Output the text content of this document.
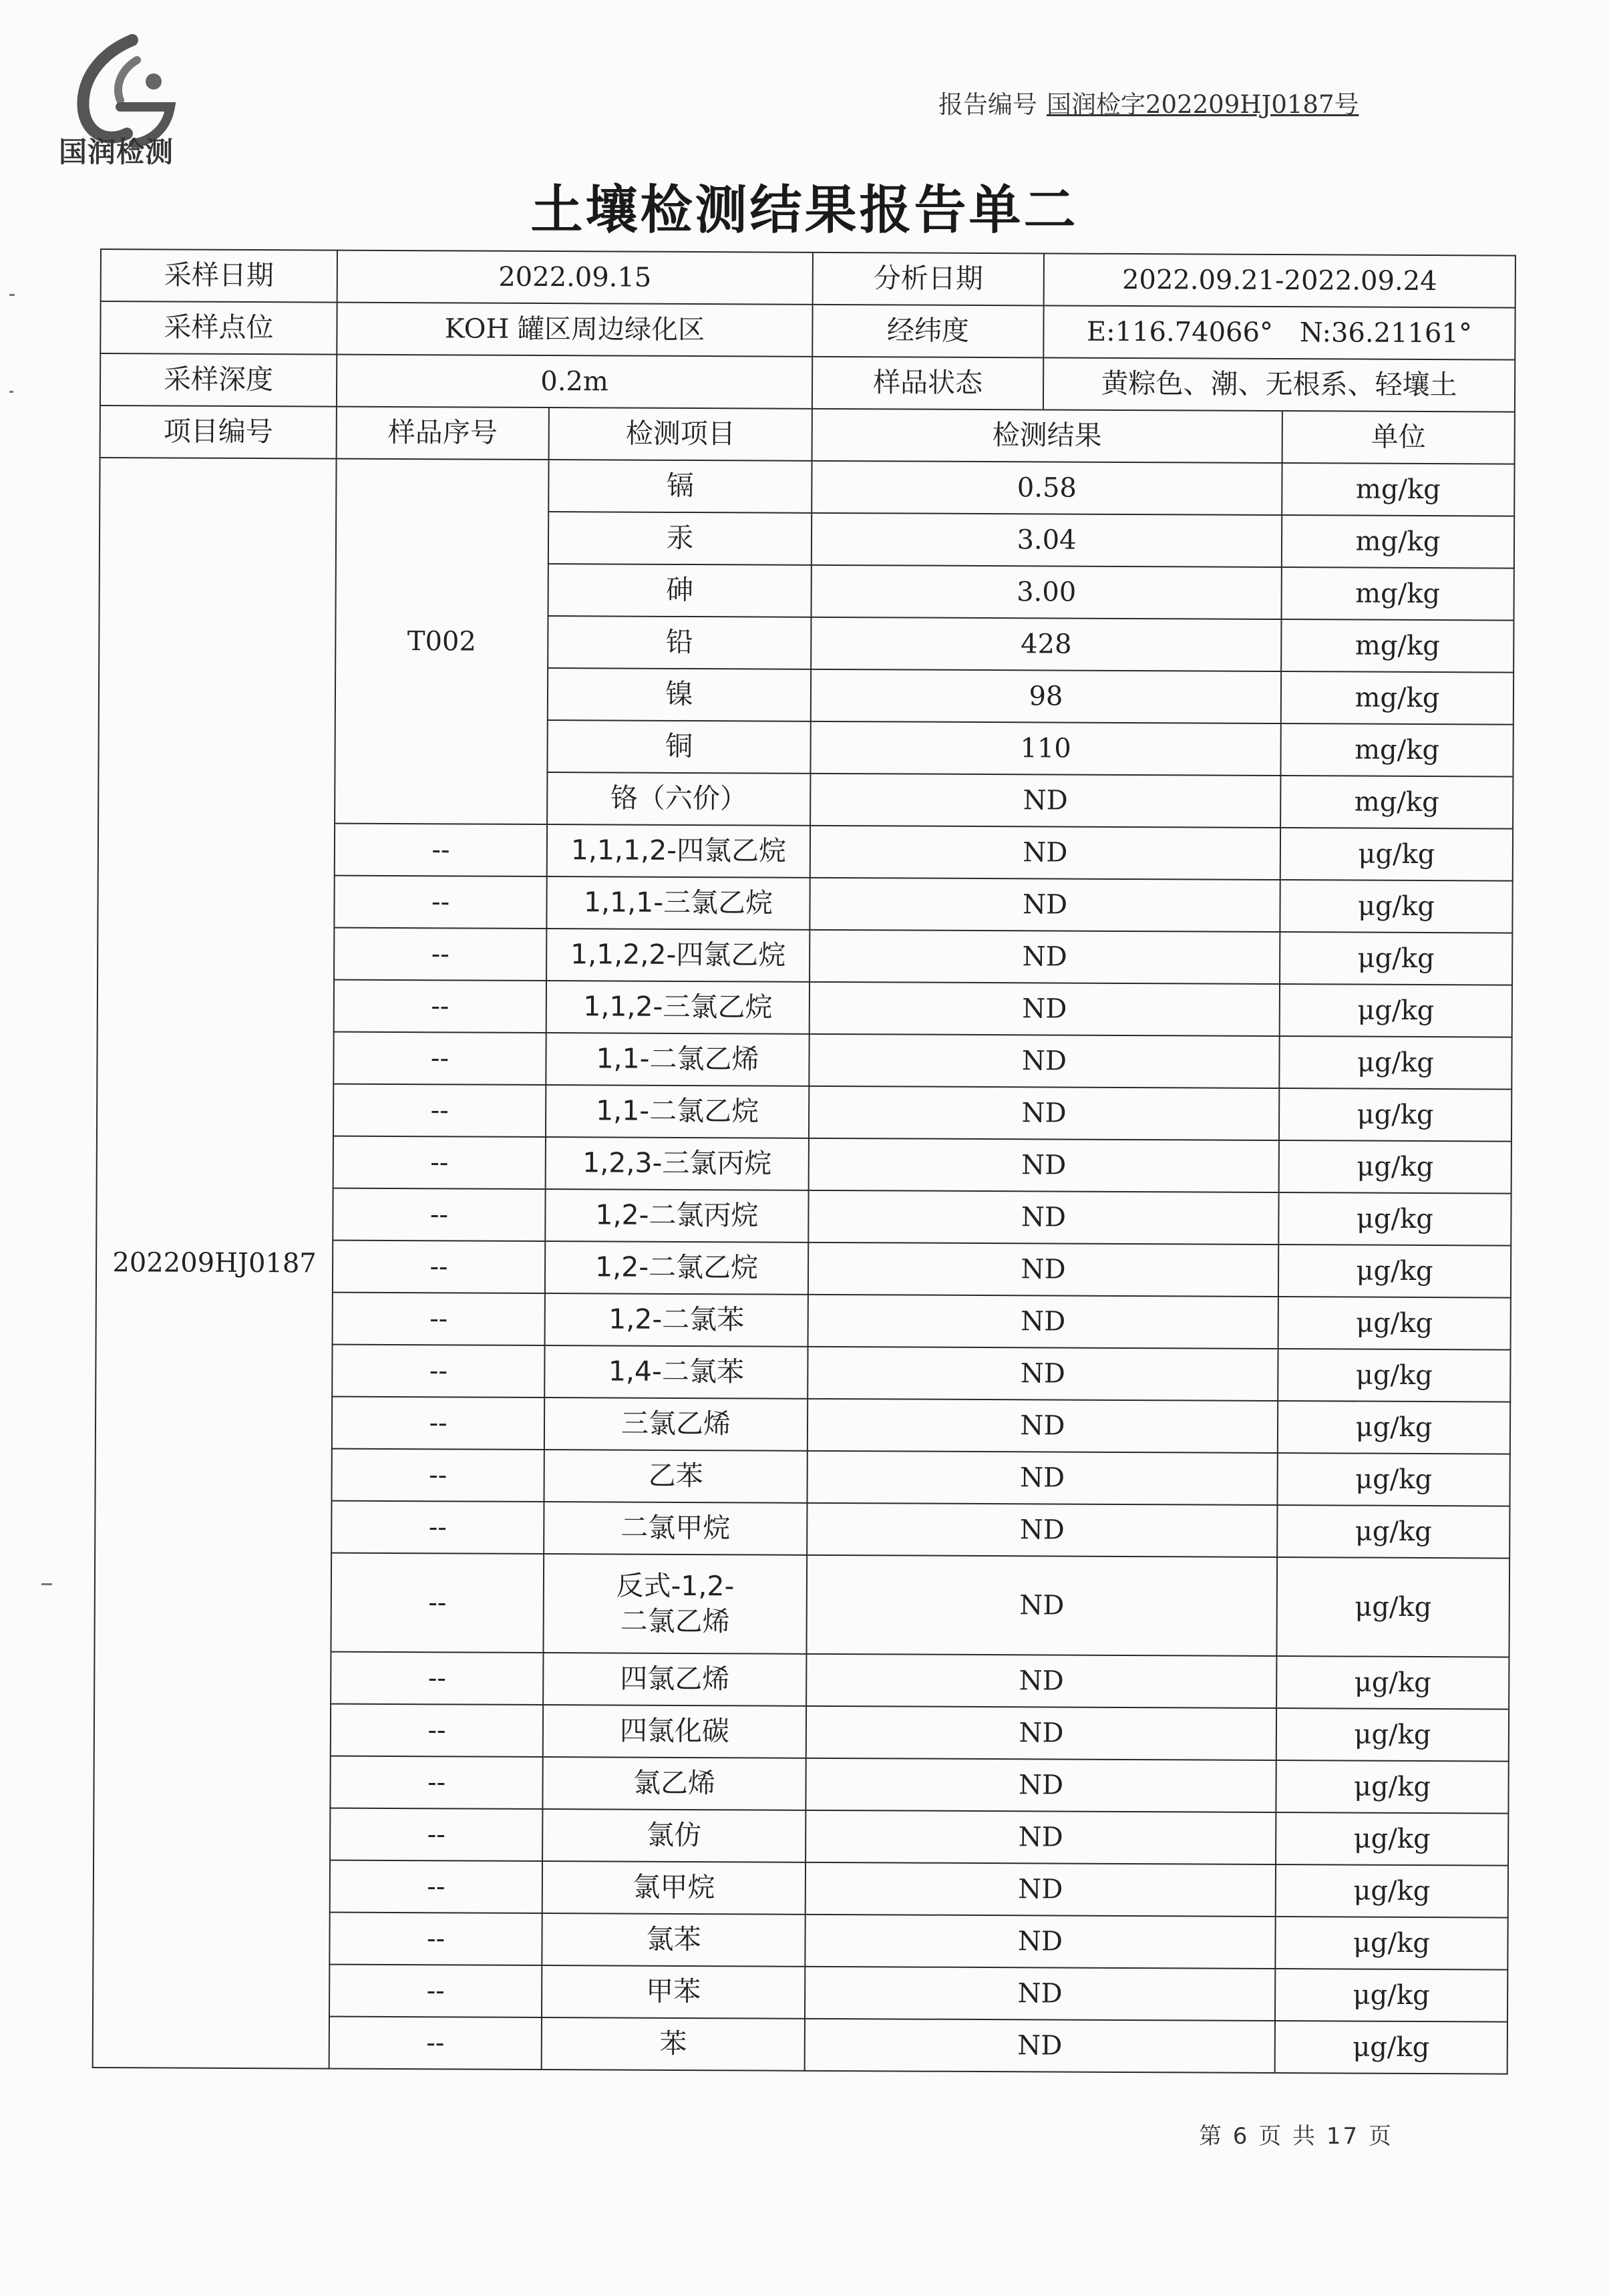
国润检测
报告编号 国润检字202209HJ0187号
土壤检测结果报告单二
采样日期	2022.09.15		分析日期 2022.09.21-2022.09.24	

采样点位	KOH 罐区周边绿化区		经纬度 E:116.74066°　N:36.21161°	

采样深度	0.2m		样品状态 黄粽色、潮、无根系、轻壤土	

项目编号	样品序号	检测项目	检测结果	单位
202209HJ0187	T002	镉	0.58	mg/kg
		汞	3.04	mg/kg
		砷	3.00	mg/kg
		铅	428	mg/kg
		镍	98	mg/kg
		铜	110	mg/kg
		铬（六价）	ND	mg/kg
	--	1,1,1,2-四氯乙烷	ND	μg/kg
	--	1,1,1-三氯乙烷	ND	μg/kg
	--	1,1,2,2-四氯乙烷	ND	μg/kg
	--	1,1,2-三氯乙烷	ND	μg/kg
	--	1,1-二氯乙烯	ND	μg/kg
	--	1,1-二氯乙烷	ND	μg/kg
	--	1,2,3-三氯丙烷	ND	μg/kg
	--	1,2-二氯丙烷	ND	μg/kg
	--	1,2-二氯乙烷	ND	μg/kg
	--	1,2-二氯苯	ND	μg/kg
	--	1,4-二氯苯	ND	μg/kg
	--	三氯乙烯	ND	μg/kg
	--	乙苯	ND	μg/kg
	--	二氯甲烷	ND	μg/kg
	--	反式-1,2-
二氯乙烯	ND	μg/kg
	--	四氯乙烯	ND	μg/kg
	--	四氯化碳	ND	μg/kg
	--	氯乙烯	ND	μg/kg
	--	氯仿	ND	μg/kg
	--	氯甲烷	ND	μg/kg
	--	氯苯	ND	μg/kg
	--	甲苯	ND	μg/kg
	--	苯	ND	μg/kg
第 6 页 共 17 页
